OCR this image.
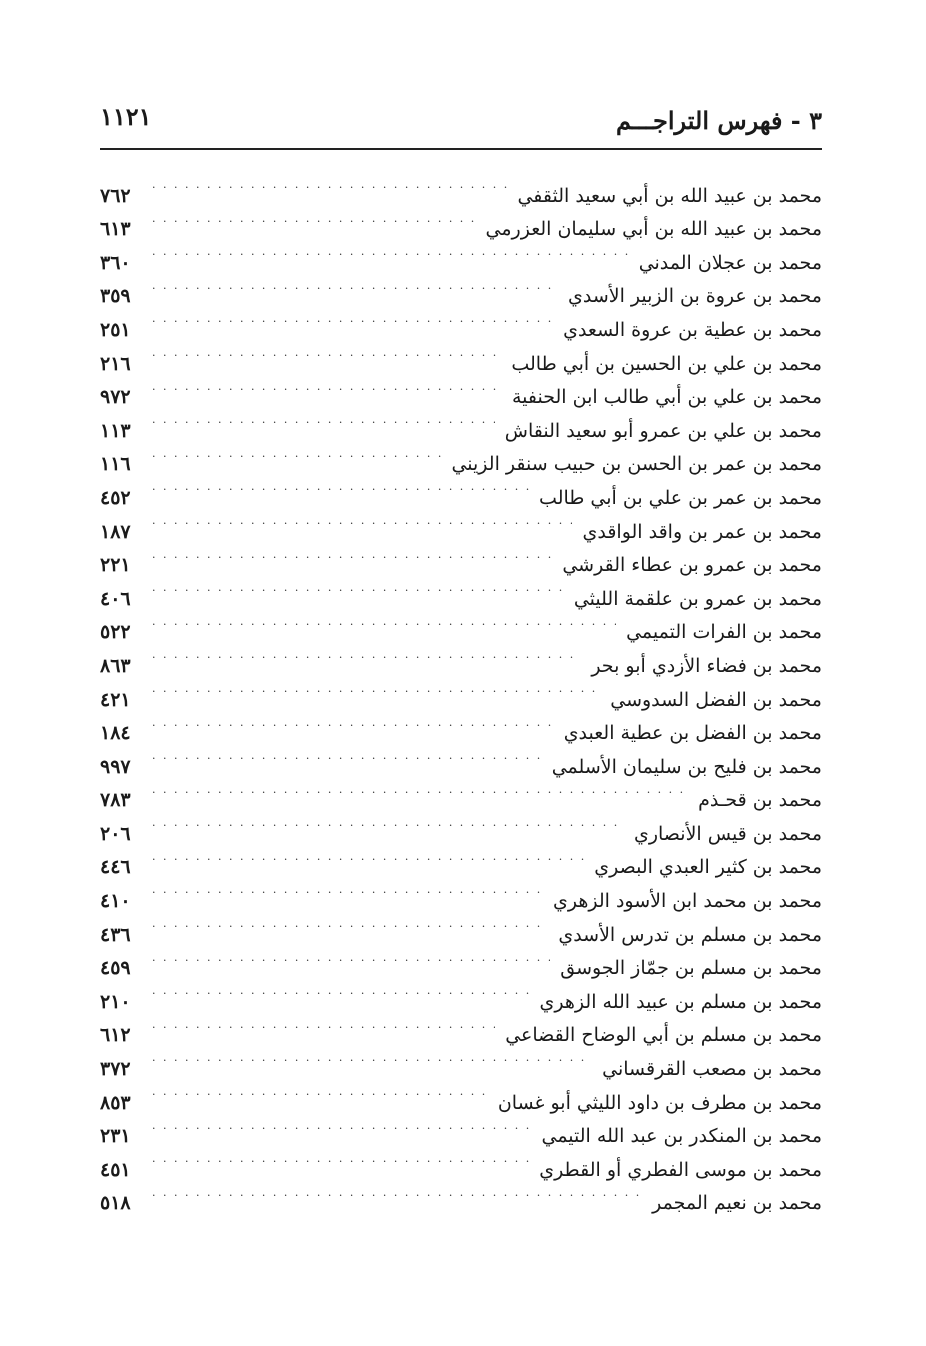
٣ - فهرس التراجـــم
١١٢١
محمد بن عبيد الله بن أبي سعيد الثقفي
. . .
٧٦٢
محمد بن عبيد الله بن أبي سليمان العزرمي
. . .
٦١٣
محمد بن عجلان المدني
. . .
٣٦٠
محمد بن عروة بن الزبير الأسدي
. . .
٣٥٩
محمد بن عطية بن عروة السعدي
. . .
٢٥١
محمد بن علي بن الحسين بن أبي طالب
. . .
٢١٦
محمد بن علي بن أبي طالب ابن الحنفية
. . .
٩٧٢
محمد بن علي بن عمرو أبو سعيد النقاش
. . .
١١٣
محمد بن عمر بن الحسن بن حبيب سنقر الزيني
. . .
١١٦
محمد بن عمر بن علي بن أبي طالب
. . .
٤٥٢
محمد بن عمر بن واقد الواقدي
. . .
١٨٧
محمد بن عمرو بن عطاء القرشي
. . .
٢٢١
محمد بن عمرو بن علقمة الليثي
. . .
٤٠٦
محمد بن الفرات التميمي
. . .
٥٢٢
محمد بن فضاء الأزدي أبو بحر
. . .
٨٦٣
محمد بن الفضل السدوسي
. . .
٤٢١
محمد بن الفضل بن عطية العبدي
. . .
١٨٤
محمد بن فليح بن سليمان الأسلمي
. . .
٩٩٧
محمد بن قحـذم
. . .
٧٨٣
محمد بن قيس الأنصاري
. . .
٢٠٦
محمد بن كثير العبدي البصري
. . .
٤٤٦
محمد بن محمد ابن الأسود الزهري
. . .
٤١٠
محمد بن مسلم بن تدرس الأسدي
. . .
٤٣٦
محمد بن مسلم بن جمّاز الجوسق
. . .
٤٥٩
محمد بن مسلم بن عبيد الله الزهري
. . .
٢١٠
محمد بن مسلم بن أبي الوضاح القضاعي
. . .
٦١٢
محمد بن مصعب القرقساني
. . .
٣٧٢
محمد بن مطرف بن داود الليثي أبو غسان
. . .
٨٥٣
محمد بن المنكدر بن عبد الله التيمي
. . .
٢٣١
محمد بن موسى الفطري أو القطري
. . .
٤٥١
محمد بن نعيم المجمر
. . .
٥١٨
